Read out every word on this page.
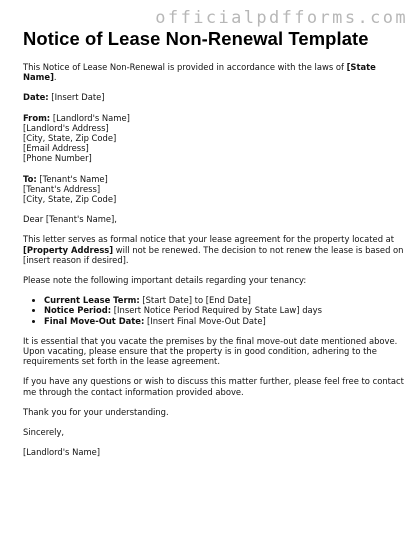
officialpdfforms.com
Notice of Lease Non-Renewal Template

This Notice of Lease Non-Renewal is provided in accordance with the laws of [State Name].

Date: [Insert Date]

From: [Landlord's Name]
[Landlord's Address]
[City, State, Zip Code]
[Email Address]
[Phone Number]
To: [Tenant's Name]
[Tenant's Address]
[City, State, Zip Code]

Dear [Tenant's Name],

This letter serves as formal notice that your lease agreement for the property located at [Property Address] will not be renewed. The decision to not renew the lease is based on [insert reason if desired].

Please note the following important details regarding your tenancy:

• Current Lease Term: [Start Date] to [End Date]
• Notice Period: [Insert Notice Period Required by State Law] days
• Final Move-Out Date: [Insert Final Move-Out Date]

It is essential that you vacate the premises by the final move-out date mentioned above. Upon vacating, please ensure that the property is in good condition, adhering to the requirements set forth in the lease agreement.

If you have any questions or wish to discuss this matter further, please feel free to contact me through the contact information provided above.

Thank you for your understanding.

Sincerely,

[Landlord's Name]
